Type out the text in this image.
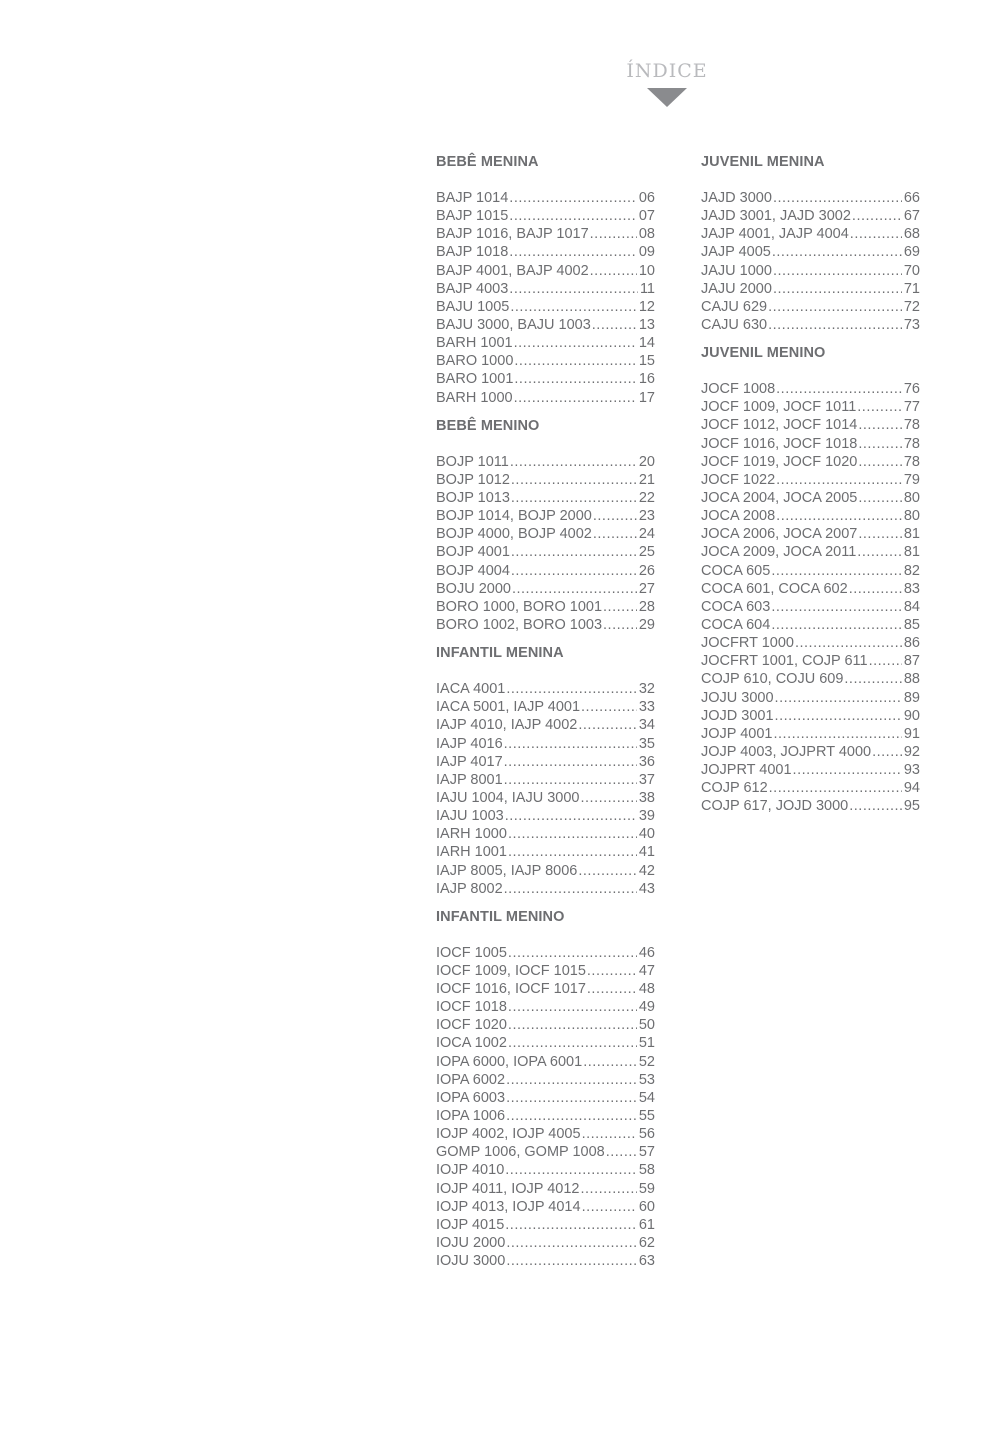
ÍNDICE
BEBÊ MENINA
BAJP 1014 .....	06
BAJP 1015 .....	07
BAJP 1016, BAJP 1017 .....	08
BAJP 1018 .....	09
BAJP 4001, BAJP 4002 .....	10
BAJP 4003 .....	11
BAJU 1005 .....	12
BAJU 3000, BAJU 1003 .....	13
BARH 1001 .....	14
BARO 1000 .....	15
BARO 1001 .....	16
BARH 1000 .....	17
BEBÊ MENINO
BOJP 1011 .....	20
BOJP 1012 .....	21
BOJP 1013 .....	22
BOJP 1014, BOJP 2000 .....	23
BOJP 4000, BOJP 4002 .....	24
BOJP 4001 .....	25
BOJP 4004 .....	26
BOJU 2000 .....	27
BORO 1000, BORO 1001 .....	28
BORO 1002, BORO 1003 .....	29
INFANTIL MENINA
IACA 4001 .....	32
IACA 5001, IAJP 4001 .....	33
IAJP 4010, IAJP 4002 .....	34
IAJP 4016 .....	35
IAJP 4017 .....	36
IAJP 8001 .....	37
IAJU 1004, IAJU 3000 .....	38
IAJU 1003 .....	39
IARH 1000 .....	40
IARH 1001 .....	41
IAJP 8005, IAJP 8006 .....	42
IAJP 8002 .....	43
INFANTIL MENINO
IOCF 1005 .....	46
IOCF 1009, IOCF 1015 .....	47
IOCF 1016, IOCF 1017 .....	48
IOCF 1018 .....	49
IOCF 1020 .....	50
IOCA 1002 .....	51
IOPA 6000, IOPA 6001 .....	52
IOPA 6002 .....	53
IOPA 6003 .....	54
IOPA 1006 .....	55
IOJP 4002, IOJP 4005 .....	56
GOMP 1006, GOMP 1008 ..... 57
IOJP 4010 .....	58
IOJP 4011, IOJP 4012 .....	59
IOJP 4013, IOJP 4014 .....	60
IOJP 4015 .....	61
IOJU 2000 .....	62
IOJU 3000 .....	63
JUVENIL MENINA
JAJD 3000 .....	66
JAJD 3001, JAJD 3002 .....	67
JAJP 4001, JAJP 4004 .....	68
JAJP 4005 .....	69
JAJU 1000 .....	70
JAJU 2000 .....	71
CAJU 629 .....	72
CAJU 630 .....	73
JUVENIL MENINO
JOCF 1008 .....	76
JOCF 1009, JOCF 1011 .....	77
JOCF 1012, JOCF 1014 .....	78
JOCF 1016, JOCF 1018 .....	78
JOCF 1019, JOCF 1020 .....	78
JOCF 1022 .....	79
JOCA 2004, JOCA 2005 .....	80
JOCA 2008 .....	80
JOCA 2006, JOCA 2007 .....	81
JOCA 2009, JOCA 2011 .....	81
COCA 605 .....	82
COCA 601, COCA 602 .....	83
COCA 603 .....	84
COCA 604 .....	85
JOCFRT 1000 .....	86
JOCFRT 1001, COJP 611 .....	87
COJP 610, COJU 609 .....	88
JOJU 3000 .....	89
JOJD 3001 .....	90
JOJP 4001 .....	91
JOJP 4003, JOJPRT 4000 ..... 92
JOJPRT 4001 .....	93
COJP 612 .....	94
COJP 617, JOJD 3000 .....	95
